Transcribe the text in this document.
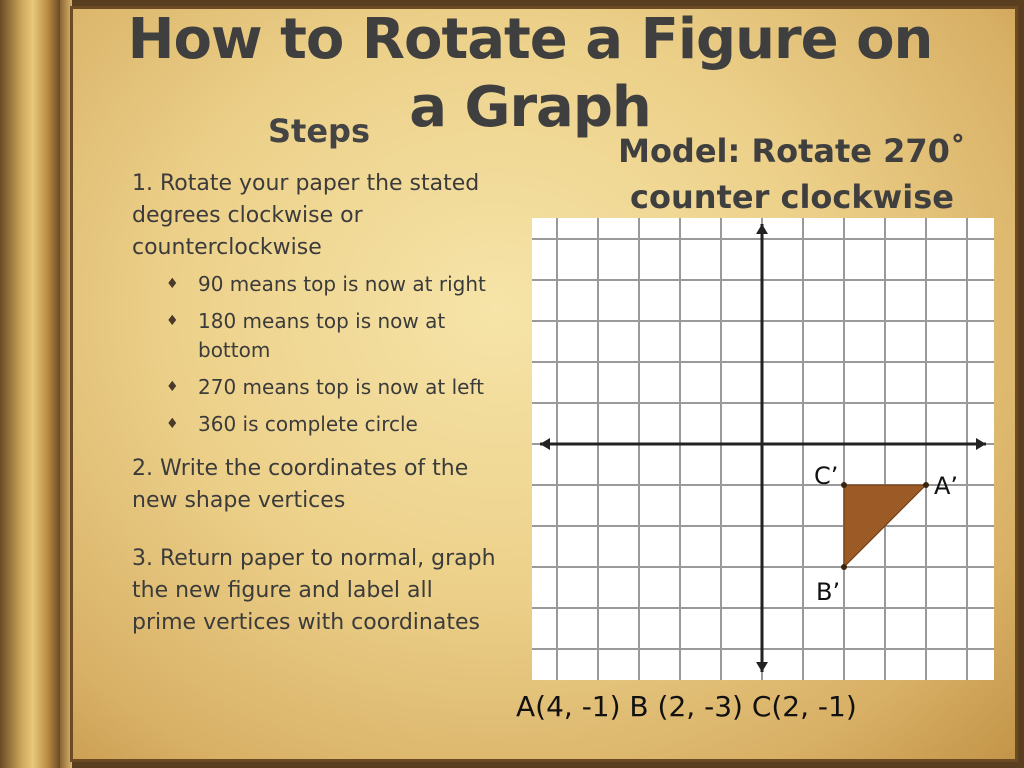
How to Rotate a Figure on a Graph
Steps
Model: Rotate 270˚ counter clockwise

1. Rotate your paper the stated degrees clockwise or counterclockwise

♦ 90 means top is now at right
♦ 180 means top is now at bottom
♦ 270 means top is now at left
♦ 360 is complete circle

2. Write the coordinates of the new shape vertices

3. Return paper to normal, graph the new figure and label all prime vertices with coordinates

C’	A’
B’
A(4, -1) B (2, -3) C(2, -1)
